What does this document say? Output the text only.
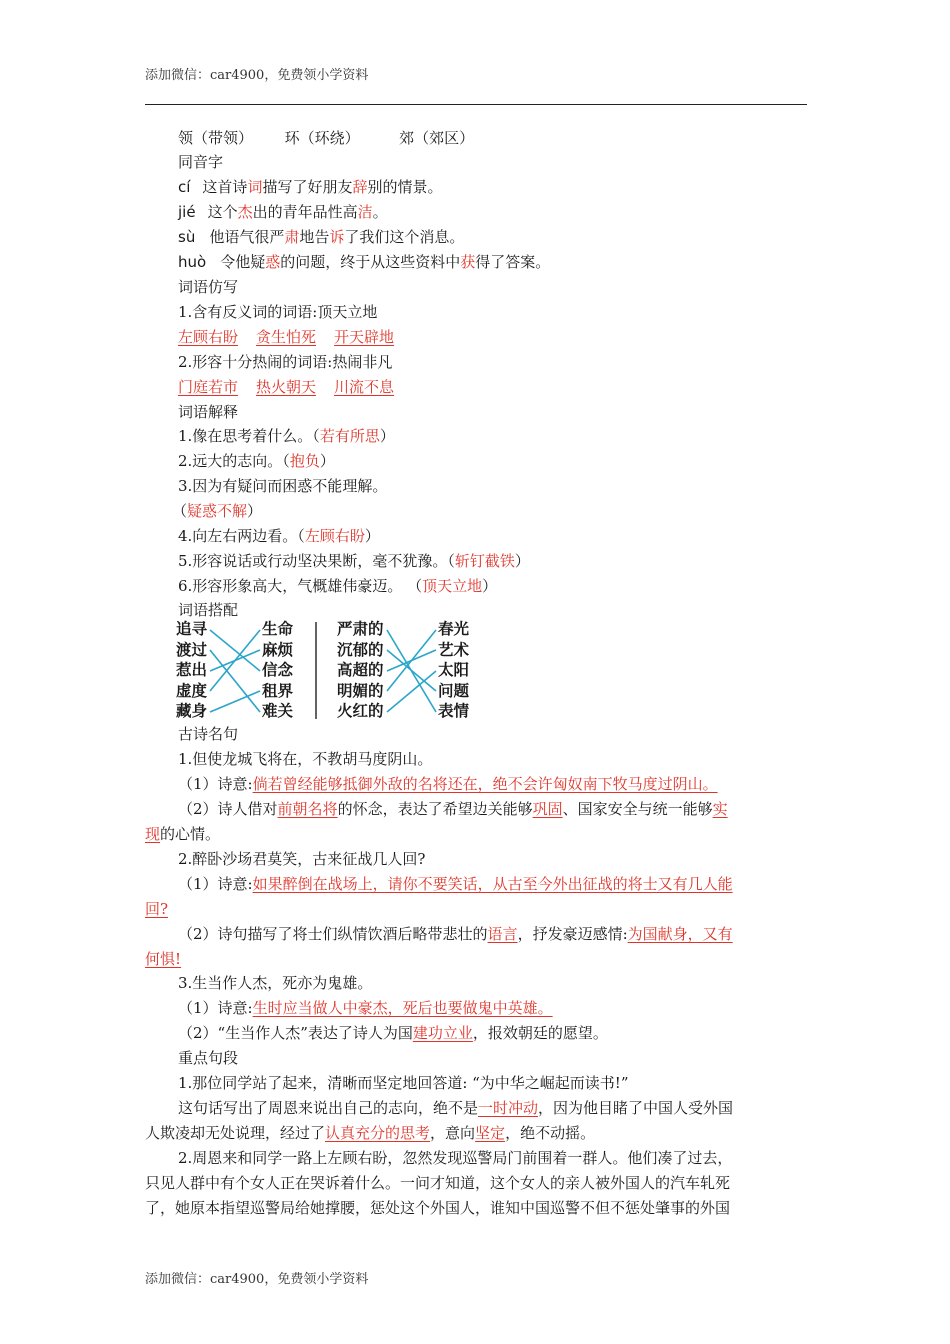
添加微信：car4900，免费领小学资料
领（带领） 环（环绕）	郊（郊区）
同音字
cí 这首诗词描写了好朋友辞别的情景。
jié 这个杰出的青年品性高洁。
sù 他语气很严肃地告诉了我们这个消息。
huò 令他疑惑的问题，终于从这些资料中获得了答案。
词语仿写
1.含有反义词的词语:顶天立地
左顾右盼 贪生怕死 开天辟地
2.形容十分热闹的词语:热闹非凡
门庭若市 热火朝天 川流不息
词语解释
1.像在思考着什么。（若有所思）
2.远大的志向。（抱负）
3.因为有疑问而困惑不能理解。
（疑惑不解）
4.向左右两边看。（左顾右盼）
5.形容说话或行动坚决果断，毫不犹豫。（斩钉截铁）
6.形容形象高大，气概雄伟豪迈。 （顶天立地）
词语搭配
追寻
渡过
惹出
虚度
藏身
生命
麻烦
信念
租界
难关
严肃的
沉郁的
高超的
明媚的
火红的
春光
艺术
太阳
问题
表情
古诗名句
1.但使龙城飞将在，不教胡马度阴山。
（1）诗意:倘若曾经能够抵御外敌的名将还在，绝不会许匈奴南下牧马度过阴山。
（2）诗人借对前朝名将的怀念，表达了希望边关能够巩固、国家安全与统一能够实
现的心情。
2.醉卧沙场君莫笑，古来征战几人回?
（1）诗意:如果醉倒在战场上，请你不要笑话，从古至今外出征战的将士又有几人能
回?
（2）诗句描写了将士们纵情饮酒后略带悲壮的语言，抒发豪迈感情:为国献身，又有
何惧!
3.生当作人杰，死亦为鬼雄。
（1）诗意:生时应当做人中豪杰，死后也要做鬼中英雄。
（2）“生当作人杰”表达了诗人为国建功立业，报效朝廷的愿望。
重点句段
1.那位同学站了起来，清晰而坚定地回答道: “为中华之崛起而读书!”
这句话写出了周恩来说出自己的志向，绝不是一时冲动，因为他目睹了中国人受外国
人欺凌却无处说理，经过了认真充分的思考，意向坚定，绝不动摇。
2.周恩来和同学一路上左顾右盼，忽然发现巡警局门前围着一群人。他们凑了过去，
只见人群中有个女人正在哭诉着什么。一问才知道，这个女人的亲人被外国人的汽车轧死
了，她原本指望巡警局给她撑腰，惩处这个外国人，谁知中国巡警不但不惩处肇事的外国
添加微信：car4900，免费领小学资料
